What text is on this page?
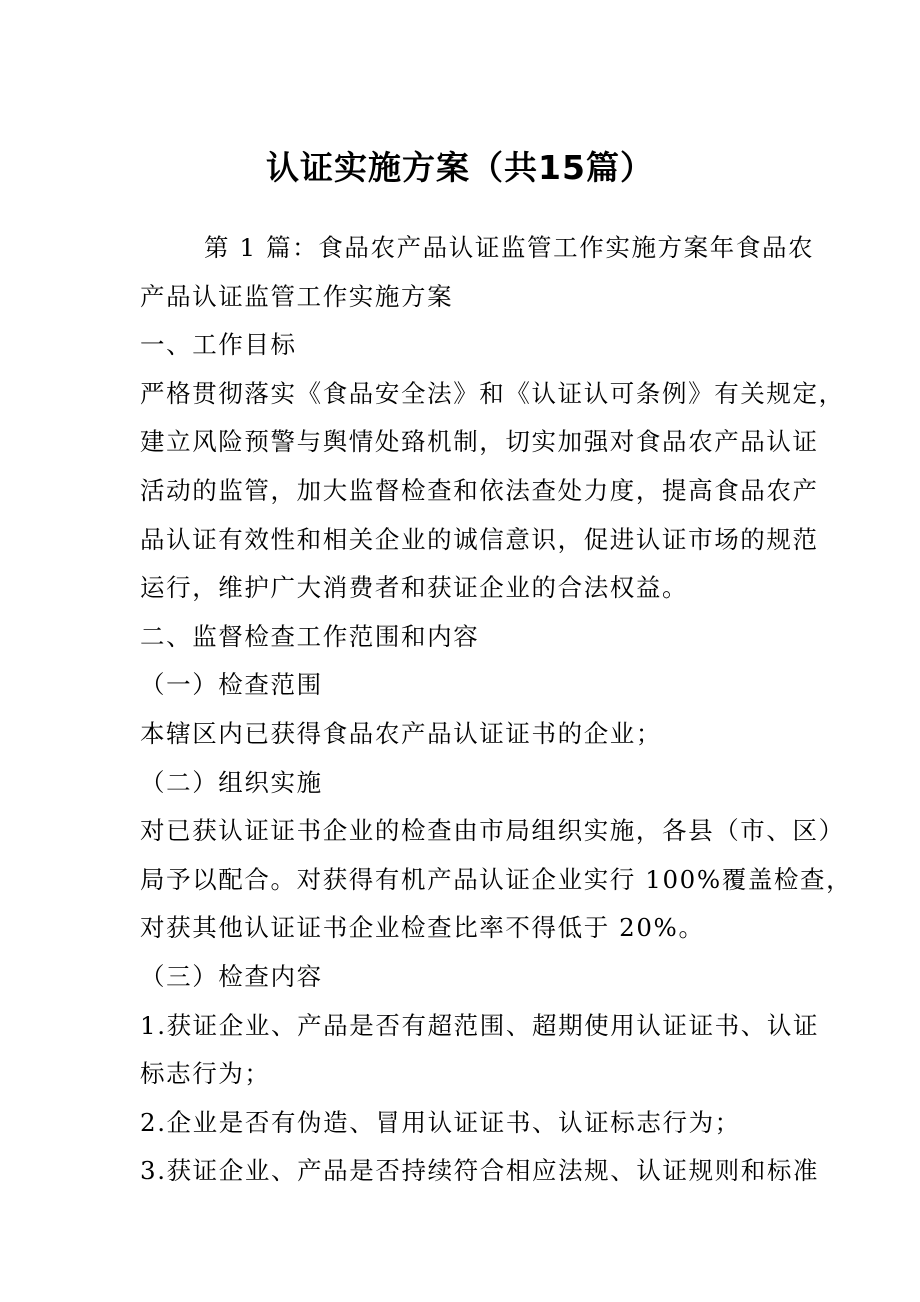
认证实施方案（共15篇）

第 1 篇：食品农产品认证监管工作实施方案年食品农

产品认证监管工作实施方案

一、工作目标

严格贯彻落实《食品安全法》和《认证认可条例》有关规定，

建立风险预警与舆情处臵机制，切实加强对食品农产品认证

活动的监管，加大监督检查和依法查处力度，提高食品农产

品认证有效性和相关企业的诚信意识，促进认证市场的规范

运行，维护广大消费者和获证企业的合法权益。

二、监督检查工作范围和内容

（一）检查范围

本辖区内已获得食品农产品认证证书的企业；

（二）组织实施

对已获认证证书企业的检查由市局组织实施，各县（市、区）

局予以配合。对获得有机产品认证企业实行 100%覆盖检查，

对获其他认证证书企业检查比率不得低于 20%。

（三）检查内容

1.获证企业、产品是否有超范围、超期使用认证证书、认证

标志行为；

2.企业是否有伪造、冒用认证证书、认证标志行为；

3.获证企业、产品是否持续符合相应法规、认证规则和标准
